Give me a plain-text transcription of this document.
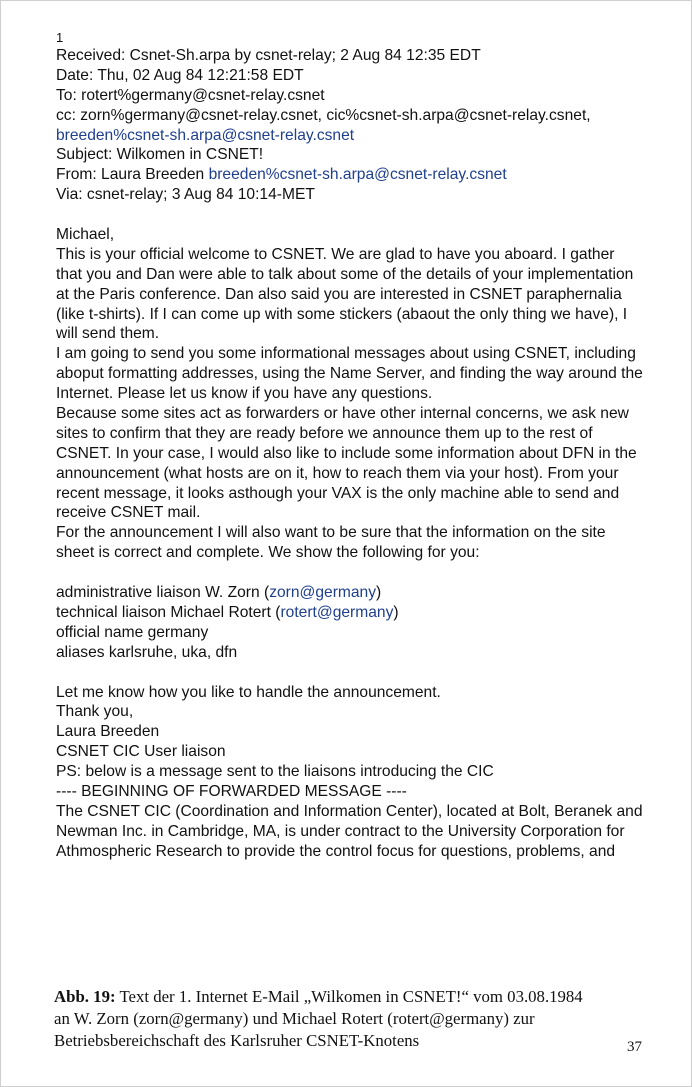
1
Received: Csnet-Sh.arpa by csnet-relay; 2 Aug 84 12:35 EDT
Date: Thu, 02 Aug 84 12:21:58 EDT
To: rotert%germany@csnet-relay.csnet
cc: zorn%germany@csnet-relay.csnet, cic%csnet-sh.arpa@csnet-relay.csnet,
breeden%csnet-sh.arpa@csnet-relay.csnet
Subject: Wilkomen in CSNET!
From: Laura Breeden breeden%csnet-sh.arpa@csnet-relay.csnet
Via: csnet-relay; 3 Aug 84 10:14-MET
Michael,
This is your official welcome to CSNET. We are glad to have you aboard. I gather
that you and Dan were able to talk about some of the details of your implementation
at the Paris conference. Dan also said you are interested in CSNET paraphernalia
(like t-shirts). If I can come up with some stickers (abaout the only thing we have), I
will send them.
I am going to send you some informational messages about using CSNET, including
aboput formatting addresses, using the Name Server, and finding the way around the
Internet. Please let us know if you have any questions.
Because some sites act as forwarders or have other internal concerns, we ask new
sites to confirm that they are ready before we announce them up to the rest of
CSNET. In your case, I would also like to include some information about DFN in the
announcement (what hosts are on it, how to reach them via your host). From your
recent message, it looks asthough your VAX is the only machine able to send and
receive CSNET mail.
For the announcement I will also want to be sure that the information on the site
sheet is correct and complete. We show the following for you:
administrative liaison W. Zorn (zorn@germany)
technical liaison Michael Rotert (rotert@germany)
official name germany
aliases karlsruhe, uka, dfn
Let me know how you like to handle the announcement.
Thank you,
Laura Breeden
CSNET CIC User liaison
PS: below is a message sent to the liaisons introducing the CIC
---- BEGINNING OF FORWARDED MESSAGE ----
The CSNET CIC (Coordination and Information Center), located at Bolt, Beranek and
Newman Inc. in Cambridge, MA, is under contract to the University Corporation for
Athmospheric Research to provide the control focus for questions, problems, and
Abb. 19: Text der 1. Internet E-Mail „Wilkomen in CSNET!“ vom 03.08.1984 an W. Zorn (zorn@germany) und Michael Rotert (rotert@germany) zur Betriebsbereichschaft des Karlsruher CSNET-Knotens	37
